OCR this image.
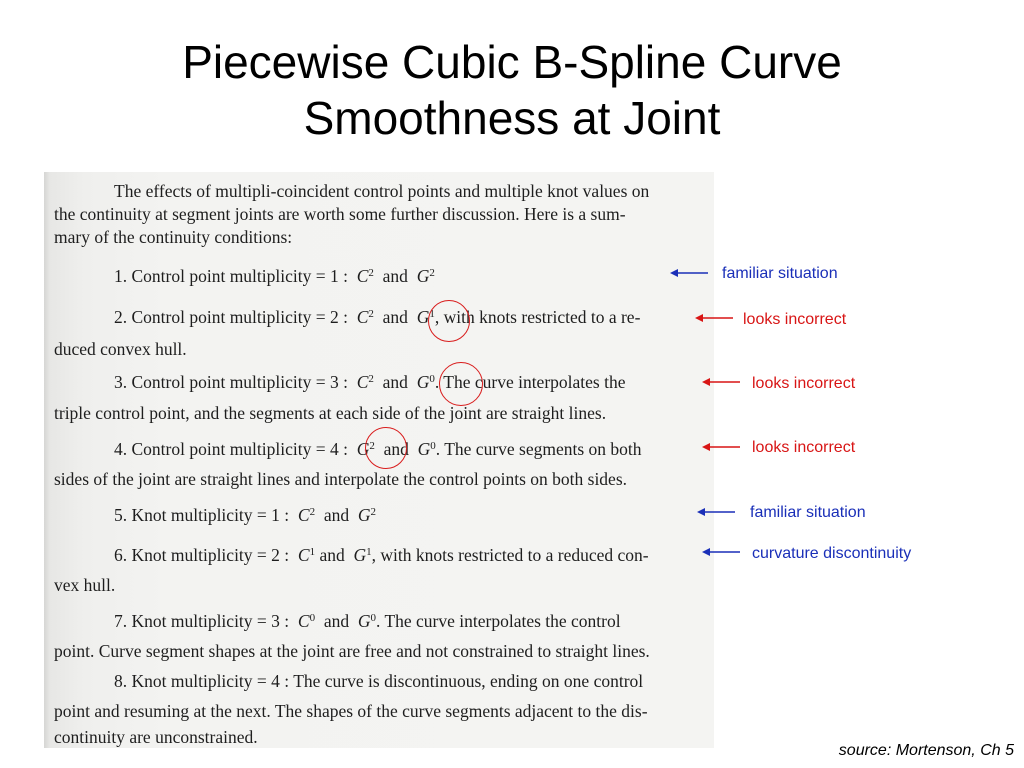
Piecewise Cubic B-Spline Curve
Smoothness at Joint
The effects of multipli-coincident control points and multiple knot values on
the continuity at segment joints are worth some further discussion. Here is a sum-
mary of the continuity conditions:
1. Control point multiplicity = 1 : $C^2$ and $G^2$
2. Control point multiplicity = 2 : $C^2$ and $G^1$, with knots restricted to a re-
duced convex hull.
3. Control point multiplicity = 3 : $C^2$ and $G^0$. The curve interpolates the
triple control point, and the segments at each side of the joint are straight lines.
4. Control point multiplicity = 4 : $G^2$ and $G^0$. The curve segments on both
sides of the joint are straight lines and interpolate the control points on both sides.
5. Knot multiplicity = 1 : $C^2$ and $G^2$
6. Knot multiplicity = 2 : $C^1$ and $G^1$, with knots restricted to a reduced con-
vex hull.
7. Knot multiplicity = 3 : $C^0$ and $G^0$. The curve interpolates the control
point. Curve segment shapes at the joint are free and not constrained to straight lines.
8. Knot multiplicity = 4 : The curve is discontinuous, ending on one control
point and resuming at the next. The shapes of the curve segments adjacent to the dis-
continuity are unconstrained.
familiar situation
looks incorrect
looks incorrect
looks incorrect
familiar situation
curvature discontinuity
source: Mortenson, Ch 5
